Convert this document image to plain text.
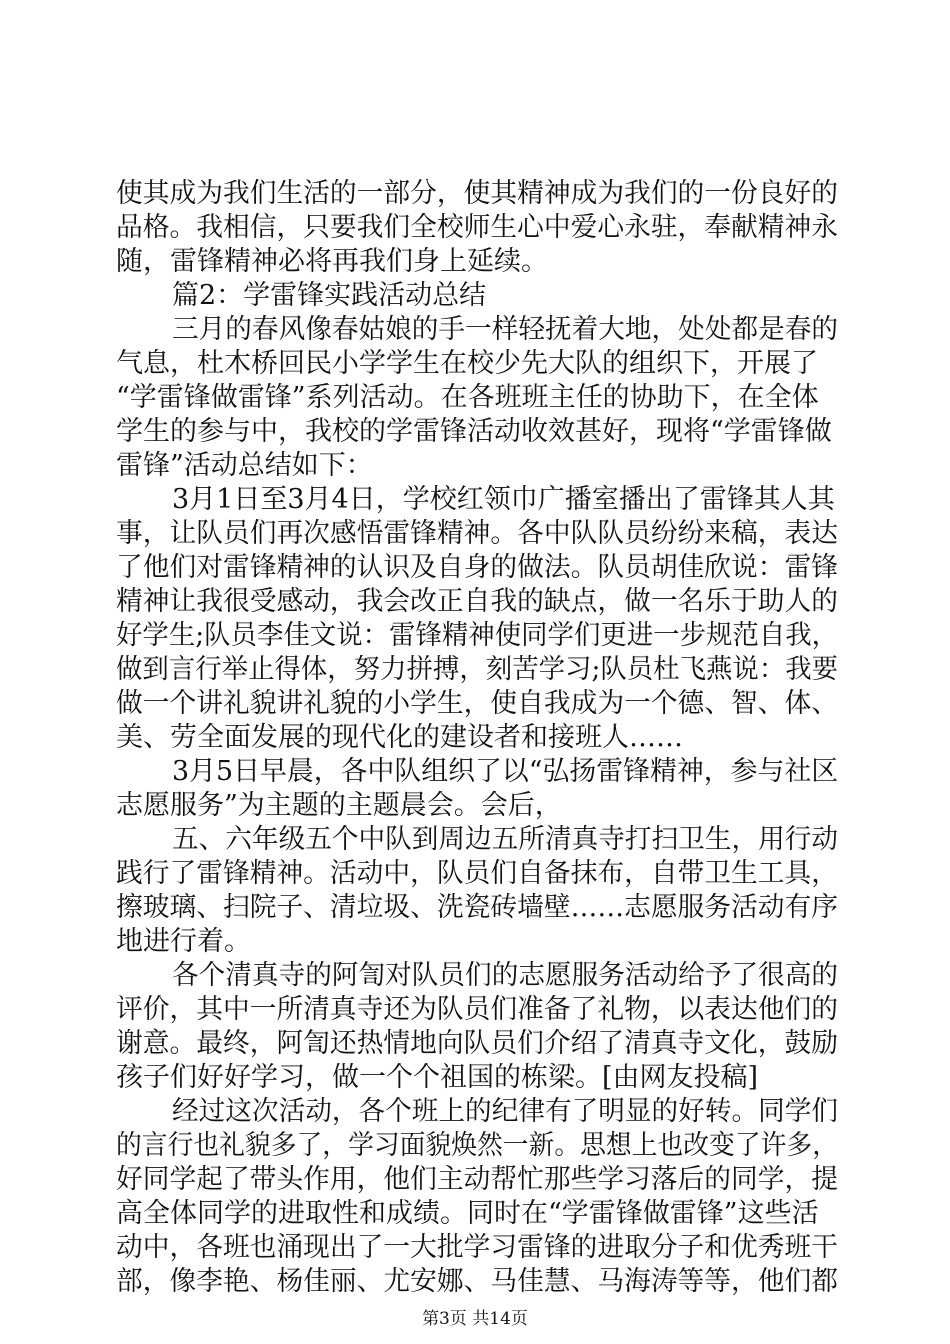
使其成为我们生活的一部分，使其精神成为我们的一份良好的
品格。我相信，只要我们全校师生心中爱心永驻，奉献精神永
随，雷锋精神必将再我们身上延续。
篇2：学雷锋实践活动总结
三月的春风像春姑娘的手一样轻抚着大地，处处都是春的
气息，杜木桥回民小学学生在校少先大队的组织下，开展了
“学雷锋做雷锋”系列活动。在各班班主任的协助下，在全体
学生的参与中，我校的学雷锋活动收效甚好，现将“学雷锋做
雷锋”活动总结如下：
3月1日至3月4日，学校红领巾广播室播出了雷锋其人其
事，让队员们再次感悟雷锋精神。各中队队员纷纷来稿，表达
了他们对雷锋精神的认识及自身的做法。队员胡佳欣说：雷锋
精神让我很受感动，我会改正自我的缺点，做一名乐于助人的
好学生;队员李佳文说：雷锋精神使同学们更进一步规范自我，
做到言行举止得体，努力拼搏，刻苦学习;队员杜飞燕说：我要
做一个讲礼貌讲礼貌的小学生，使自我成为一个德、智、体、
美、劳全面发展的现代化的建设者和接班人……
3月5日早晨，各中队组织了以“弘扬雷锋精神，参与社区
志愿服务”为主题的主题晨会。会后，
五、六年级五个中队到周边五所清真寺打扫卫生，用行动
践行了雷锋精神。活动中，队员们自备抹布，自带卫生工具，
擦玻璃、扫院子、清垃圾、洗瓷砖墙壁……志愿服务活动有序
地进行着。
各个清真寺的阿訇对队员们的志愿服务活动给予了很高的
评价，其中一所清真寺还为队员们准备了礼物，以表达他们的
谢意。最终，阿訇还热情地向队员们介绍了清真寺文化，鼓励
孩子们好好学习，做一个个祖国的栋梁。[由网友投稿]
经过这次活动，各个班上的纪律有了明显的好转。同学们
的言行也礼貌多了，学习面貌焕然一新。思想上也改变了许多，
好同学起了带头作用，他们主动帮忙那些学习落后的同学，提
高全体同学的进取性和成绩。同时在“学雷锋做雷锋”这些活
动中，各班也涌现出了一大批学习雷锋的进取分子和优秀班干
部，像李艳、杨佳丽、尤安娜、马佳慧、马海涛等等，他们都
第3页 共14页
